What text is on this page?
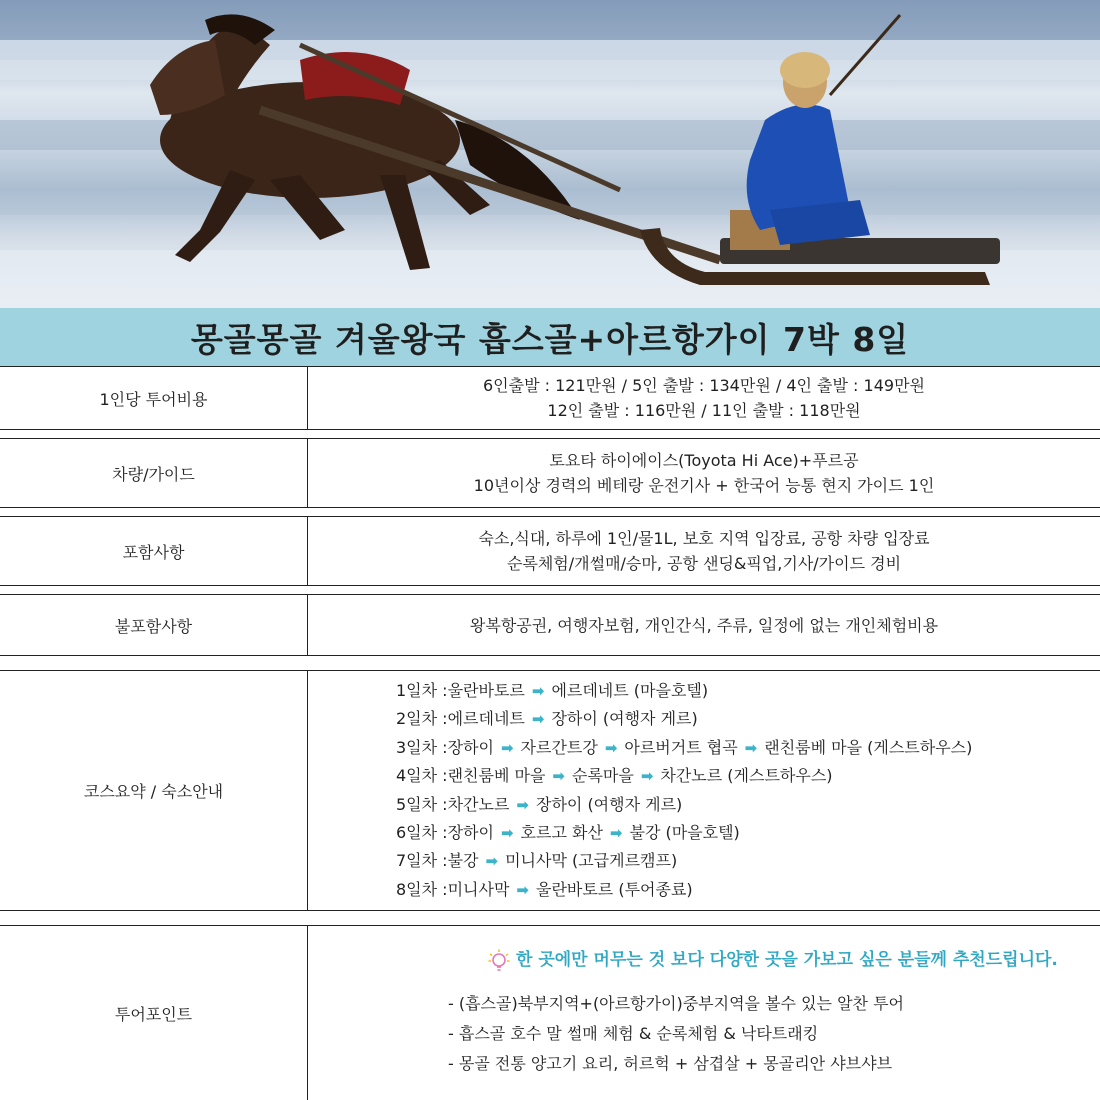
몽골몽골 겨울왕국 흡스골+아르항가이 7박 8일
1인당 투어비용
6인출발 : 121만원 / 5인 출발 : 134만원 / 4인 출발 : 149만원
12인 출발 : 116만원 / 11인 출발 : 118만원
차량/가이드
토요타 하이에이스(Toyota Hi Ace)+푸르공
10년이상 경력의 베테랑 운전기사 + 한국어 능통 현지 가이드 1인
포함사항
숙소,식대, 하루에 1인/물1L, 보호 지역 입장료, 공항 차량 입장료
순록체험/개썰매/승마, 공항 샌딩&픽업,기사/가이드 경비
불포함사항	왕복항공권, 여행자보험, 개인간식, 주류, 일정에 없는 개인체험비용
코스요약 / 숙소안내
1일차 : 울란바토르 ➡ 에르데네트 (마을호텔)
2일차 : 에르데네트 ➡ 장하이 (여행자 게르)
3일차 : 장하이 ➡ 자르간트강 ➡ 아르버거트 협곡 ➡ 랜친룸베 마을 (게스트하우스)
4일차 : 랜친룸베 마을 ➡ 순록마을 ➡ 차간노르 (게스트하우스)
5일차 : 차간노르 ➡ 장하이 (여행자 게르)
6일차 : 장하이 ➡ 호르고 화산 ➡ 불강 (마을호텔)
7일차 : 불강 ➡ 미니사막 (고급게르캠프)
8일차 : 미니사막 ➡ 울란바토르 (투어종료)
투어포인트
한 곳에만 머무는 것 보다 다양한 곳을 가보고 싶은 분들께 추천드립니다.
- (흡스골)북부지역+(아르항가이)중부지역을 볼수 있는 알찬 투어
- 흡스골 호수 말 썰매 체험 & 순록체험 & 낙타트래킹
- 몽골 전통 양고기 요리, 허르헉 + 삼겹살 + 몽골리안 샤브샤브
